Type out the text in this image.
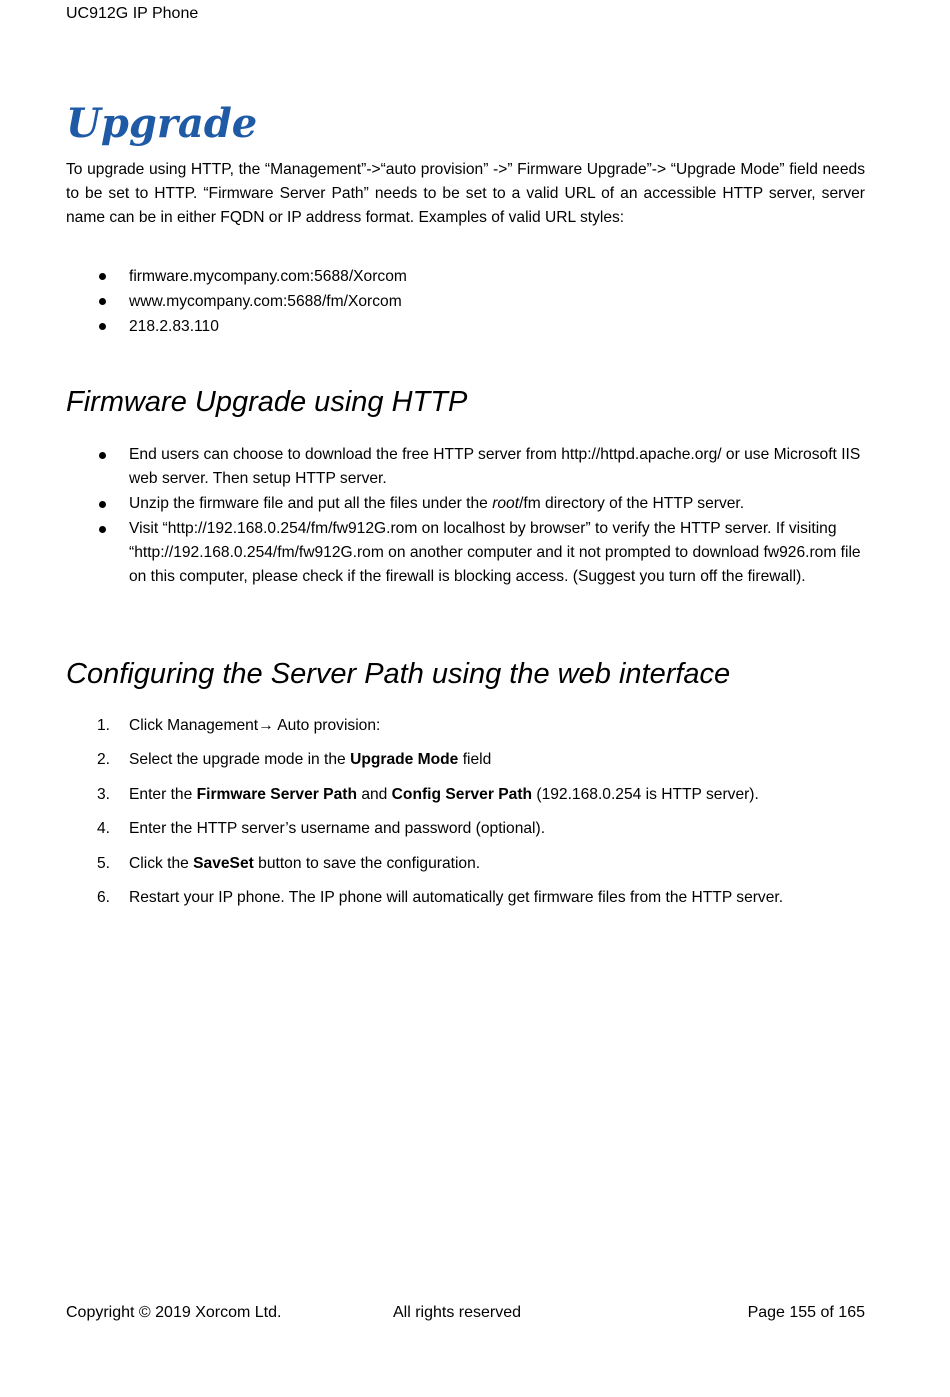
UC912G IP Phone
Upgrade

To upgrade using HTTP, the “Management”->“auto provision” ->” Firmware Upgrade”-> “Upgrade Mode” field needs to be set to HTTP. “Firmware Server Path” needs to be set to a valid URL of an accessible HTTP server, server name can be in either FQDN or IP address format. Examples of valid URL styles:

firmware.mycompany.com:5688/Xorcom
www.mycompany.com:5688/fm/Xorcom
218.2.83.110
Firmware Upgrade using HTTP
End users can choose to download the free HTTP server from http://httpd.apache.org/ or use Microsoft IIS web server. Then setup HTTP server.
Unzip the firmware file and put all the files under the root/fm directory of the HTTP server.
Visit “http://192.168.0.254/fm/fw912G.rom on localhost by browser” to verify the HTTP server. If visiting “http://192.168.0.254/fm/fw912G.rom on another computer and it not prompted to download fw926.rom file on this computer, please check if the firewall is blocking access. (Suggest you turn off the firewall).
Configuring the Server Path using the web interface
1. Click Management→ Auto provision:
2. Select the upgrade mode in the Upgrade Mode field
3. Enter the Firmware Server Path and Config Server Path (192.168.0.254 is HTTP server).
4. Enter the HTTP server’s username and password (optional).
5. Click the SaveSet button to save the configuration.
6. Restart your IP phone. The IP phone will automatically get firmware files from the HTTP server.
Copyright © 2019 Xorcom Ltd.	All rights reserved	Page 155 of 165
